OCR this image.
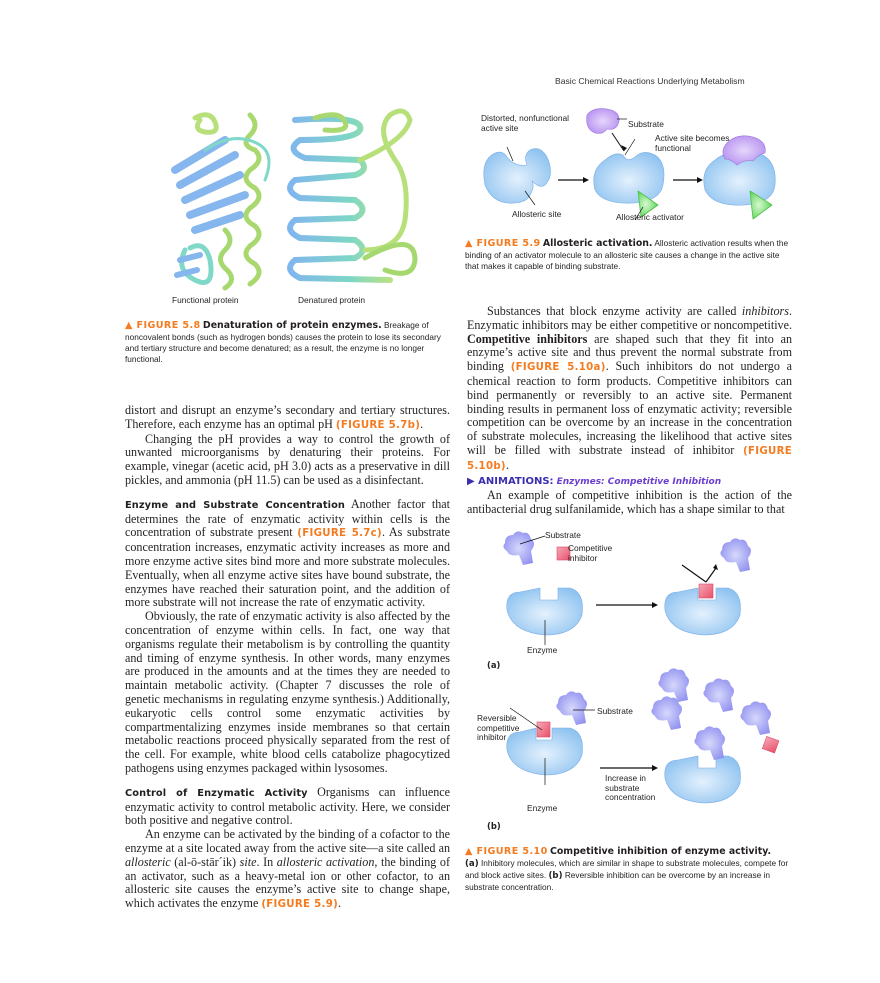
Basic Chemical Reactions Underlying Metabolism
Functional protein	Denatured protein
▲ FIGURE 5.8 Denaturation of protein enzymes. Breakage of noncovalent bonds (such as hydrogen bonds) causes the protein to lose its secondary and tertiary structure and become denatured; as a result, the enzyme is no longer functional.

distort and disrupt an enzyme’s secondary and tertiary structures. Therefore, each enzyme has an optimal pH (FIGURE 5.7b).

Changing the pH provides a way to control the growth of unwanted microorganisms by denaturing their proteins. For example, vinegar (acetic acid, pH 3.0) acts as a preservative in dill pickles, and ammonia (pH 11.5) can be used as a disinfectant.

Enzyme and Substrate Concentration Another factor that determines the rate of enzymatic activity within cells is the concentration of substrate present (FIGURE 5.7c). As substrate concentration increases, enzymatic activity increases as more and more enzyme active sites bind more and more substrate molecules. Eventually, when all enzyme active sites have bound substrate, the enzymes have reached their saturation point, and the addition of more substrate will not increase the rate of enzymatic activity.

Obviously, the rate of enzymatic activity is also affected by the concentration of enzyme within cells. In fact, one way that organisms regulate their metabolism is by controlling the quantity and timing of enzyme synthesis. In other words, many enzymes are produced in the amounts and at the times they are needed to maintain metabolic activity. (Chapter 7 discusses the role of genetic mechanisms in regulating enzyme synthesis.) Additionally, eukaryotic cells control some enzymatic activities by compartmentalizing enzymes inside membranes so that certain metabolic reactions proceed physically separated from the rest of the cell. For example, white blood cells catabolize phagocytized pathogens using enzymes packaged within lysosomes.

Control of Enzymatic Activity Organisms can influence enzymatic activity to control metabolic activity. Here, we consider both positive and negative control.

An enzyme can be activated by the binding of a cofactor to the enzyme at a site located away from the active site—a site called an allosteric (al-ō-stār´ik) site. In allosteric activation, the binding of an activator, such as a heavy-metal ion or other cofactor, to an allosteric site causes the enzyme’s active site to change shape, which activates the enzyme (FIGURE 5.9).

Distorted, nonfunctional active site	Substrate
Active site becomes functional
Allosteric site	Allosteric activator
▲ FIGURE 5.9 Allosteric activation. Allosteric activation results when the binding of an activator molecule to an allosteric site causes a change in the active site that makes it capable of binding substrate.

Substances that block enzyme activity are called inhibitors. Enzymatic inhibitors may be either competitive or noncompetitive. Competitive inhibitors are shaped such that they fit into an enzyme’s active site and thus prevent the normal substrate from binding (FIGURE 5.10a). Such inhibitors do not undergo a chemical reaction to form products. Competitive inhibitors can bind permanently or reversibly to an active site. Permanent binding results in permanent loss of enzymatic activity; reversible competition can be overcome by an increase in the concentration of substrate molecules, increasing the likelihood that active sites will be filled with substrate instead of inhibitor (FIGURE 5.10b).

▶ ANIMATIONS: Enzymes: Competitive Inhibition

An example of competitive inhibition is the action of the antibacterial drug sulfanilamide, which has a shape similar to that

Substrate
Competitive inhibitor
Enzyme
(a)
Substrate
Reversible competitive inhibitor
Increase in substrate concentration
Enzyme
(b)
▲ FIGURE 5.10 Competitive inhibition of enzyme activity.
(a) Inhibitory molecules, which are similar in shape to substrate molecules, compete for and block active sites. (b) Reversible inhibition can be overcome by an increase in substrate concentration.
